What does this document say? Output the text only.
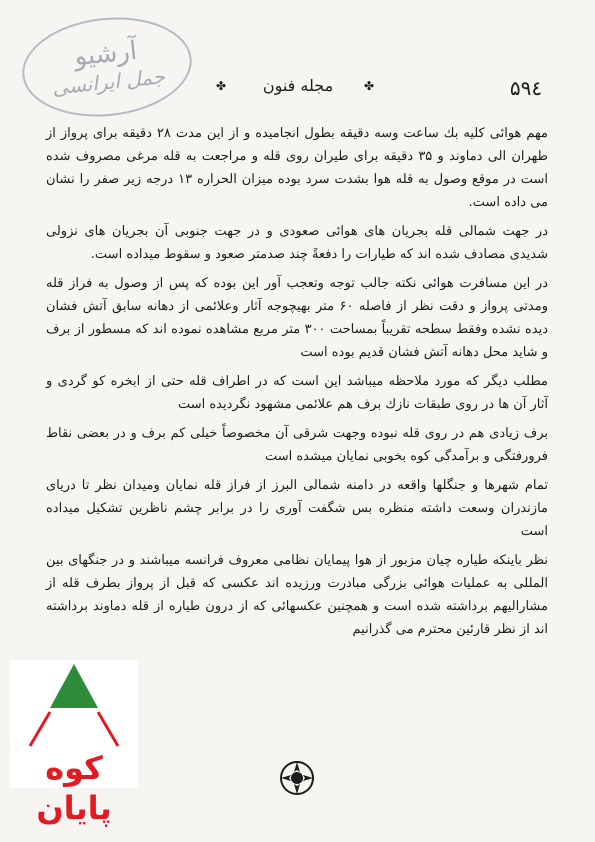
آرشیو
جمل ایرانسی	۵۹٤
✤
مجله فنون
✤

مهم هوائی کلیه بك ساعت وسه دقیقه بطول انجامیده و از این مدت ۲۸ دقیقه برای پرواز از طهران الی دماوند و ۳۵ دقیقه برای طیران روی قله و مراجعت به قله مرغی مصروف شده است در موقع وصول به قله هوا بشدت سرد بوده میزان الحراره ۱۳ درجه زیر صفر را نشان می داده است.

در جهت شمالی قله بجریان های هوائی صعودی و در جهت جنوبی آن بجریان های نزولی شدیدی مصادف شده اند که طیارات را دفعةً چند صدمتر صعود و سقوط میداده است.

در این مسافرت هوائی نکته جالب توجه وتعجب آور این بوده که پس از وصول به فراز قله ومدتی پرواز و دقت نظر از فاصله ۶۰ متر بهیچوجه آثار وعلائمی از دهانه سابق آتش فشان دیده نشده وفقط سطحه تقریباً بمساحت ۳۰۰ متر مربع مشاهده نموده اند که مسطور از برف و شاید محل دهانه آتش فشان قدیم بوده است

مطلب دیگر که مورد ملاحظه میباشد این است که در اطراف قله حتی از ابخره کو گردی و آثار آن ها در روی طبقات نازك برف هم علائمی مشهود نگردیده است

برف زیادی هم در روی قله نبوده وجهت شرقی آن مخصوصاً خیلی کم برف و در بعضی نقاط فرورفتگی و برآمدگی کوه بخوبی نمایان میشده است

تمام شهرها و جنگلها واقعه در دامنه شمالی البرز از فراز قله نمایان ومیدان نظر تا دریای مازندران وسعت داشته منظره بس شگفت آوری را در برابر چشم ناظرین تشکیل میداده است

نظر باینکه طیاره چیان مزبور از هوا پیمایان نظامی معروف فرانسه میباشند و در جنگهای بین المللی به عملیات هوائی بزرگی مبادرت ورزیده اند عکسی که قبل از پرواز بطرف قله از مشارالیهم برداشته شده است و همچنین عکسهائی که از درون طیاره از قله دماوند برداشته اند از نظر قارئین محترم می گذرانیم

کوه پایان
